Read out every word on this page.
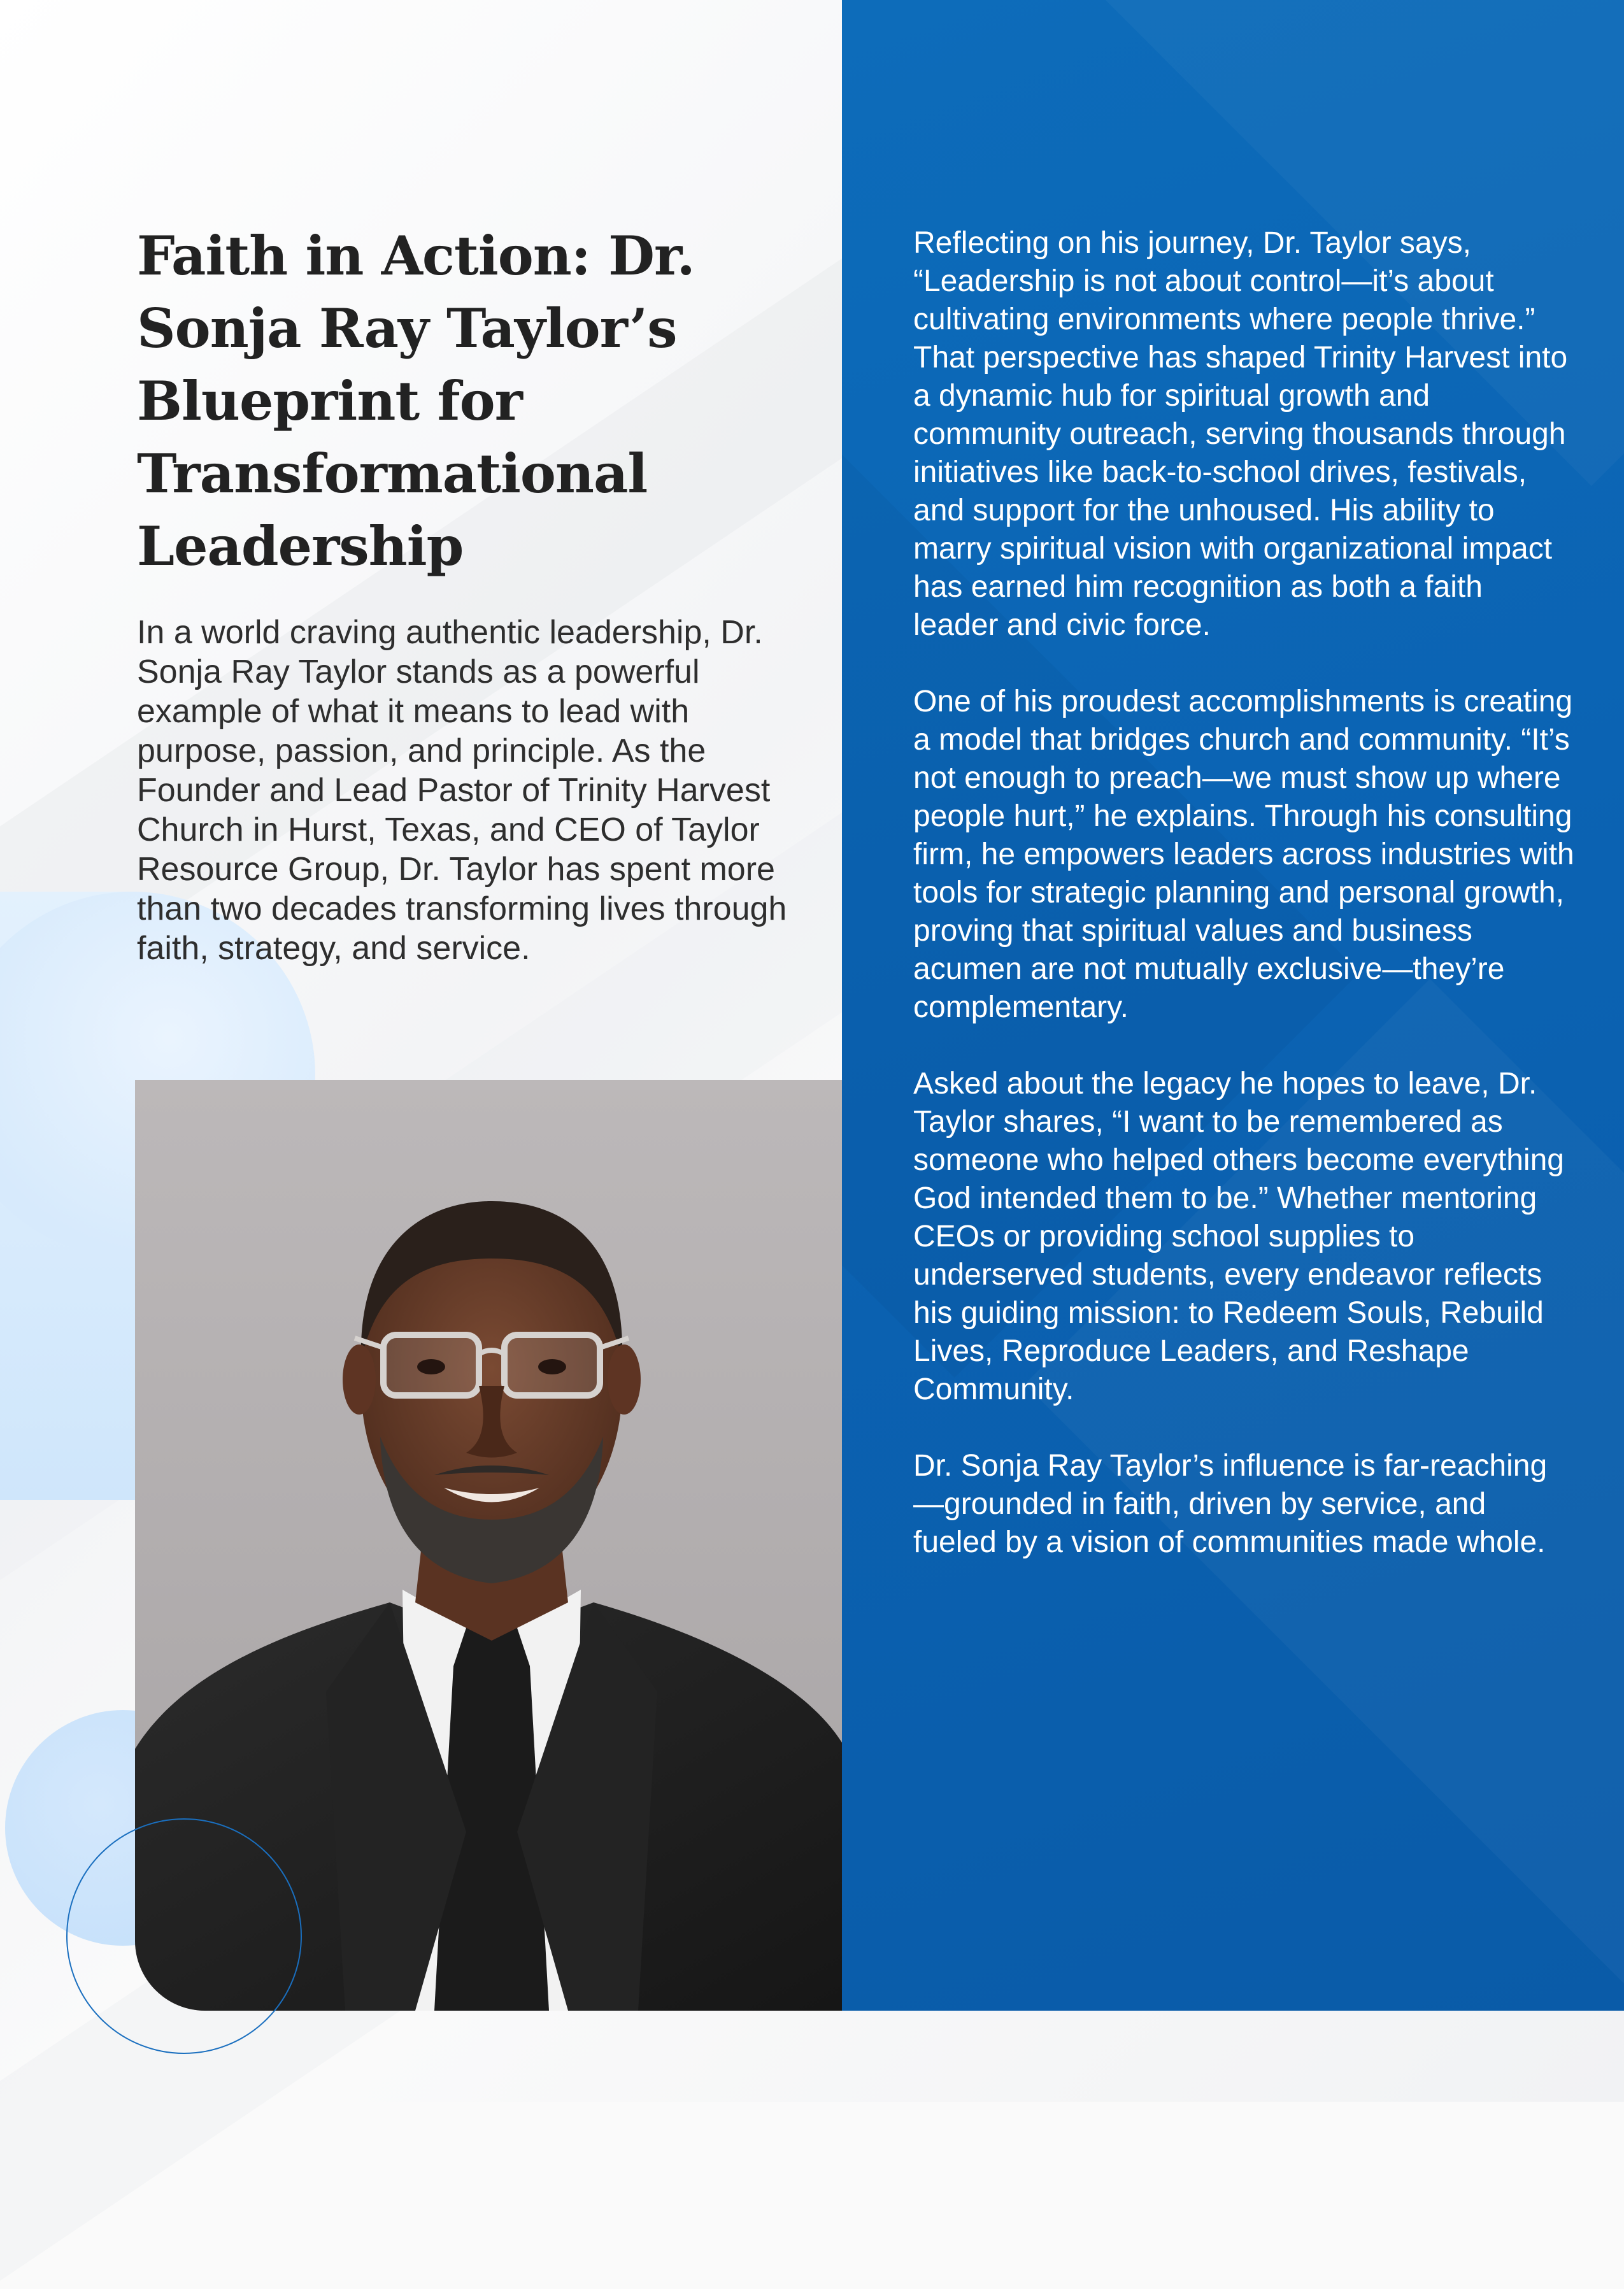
Faith in Action: Dr. Sonja Ray Taylor’s Blueprint for Transformational Leadership

In a world craving authentic leadership, Dr. Sonja Ray Taylor stands as a powerful example of what it means to lead with purpose, passion, and principle. As the Founder and Lead Pastor of Trinity Harvest Church in Hurst, Texas, and CEO of Taylor Resource Group, Dr. Taylor has spent more than two decades transforming lives through faith, strategy, and service.

Reflecting on his journey, Dr. Taylor says, “Leadership is not about control—it’s about cultivating environments where people thrive.” That perspective has shaped Trinity Harvest into a dynamic hub for spiritual growth and community outreach, serving thousands through initiatives like back-to-school drives, festivals, and support for the unhoused. His ability to marry spiritual vision with organizational impact has earned him recognition as both a faith leader and civic force.

One of his proudest accomplishments is creating a model that bridges church and community. “It’s not enough to preach—we must show up where people hurt,” he explains. Through his consulting firm, he empowers leaders across industries with tools for strategic planning and personal growth, proving that spiritual values and business acumen are not mutually exclusive—they’re complementary.

Asked about the legacy he hopes to leave, Dr. Taylor shares, “I want to be remembered as someone who helped others become everything God intended them to be.” Whether mentoring CEOs or providing school supplies to underserved students, every endeavor reflects his guiding mission: to Redeem Souls, Rebuild Lives, Reproduce Leaders, and Reshape Community.

Dr. Sonja Ray Taylor’s influence is far-reaching—grounded in faith, driven by service, and fueled by a vision of communities made whole.
